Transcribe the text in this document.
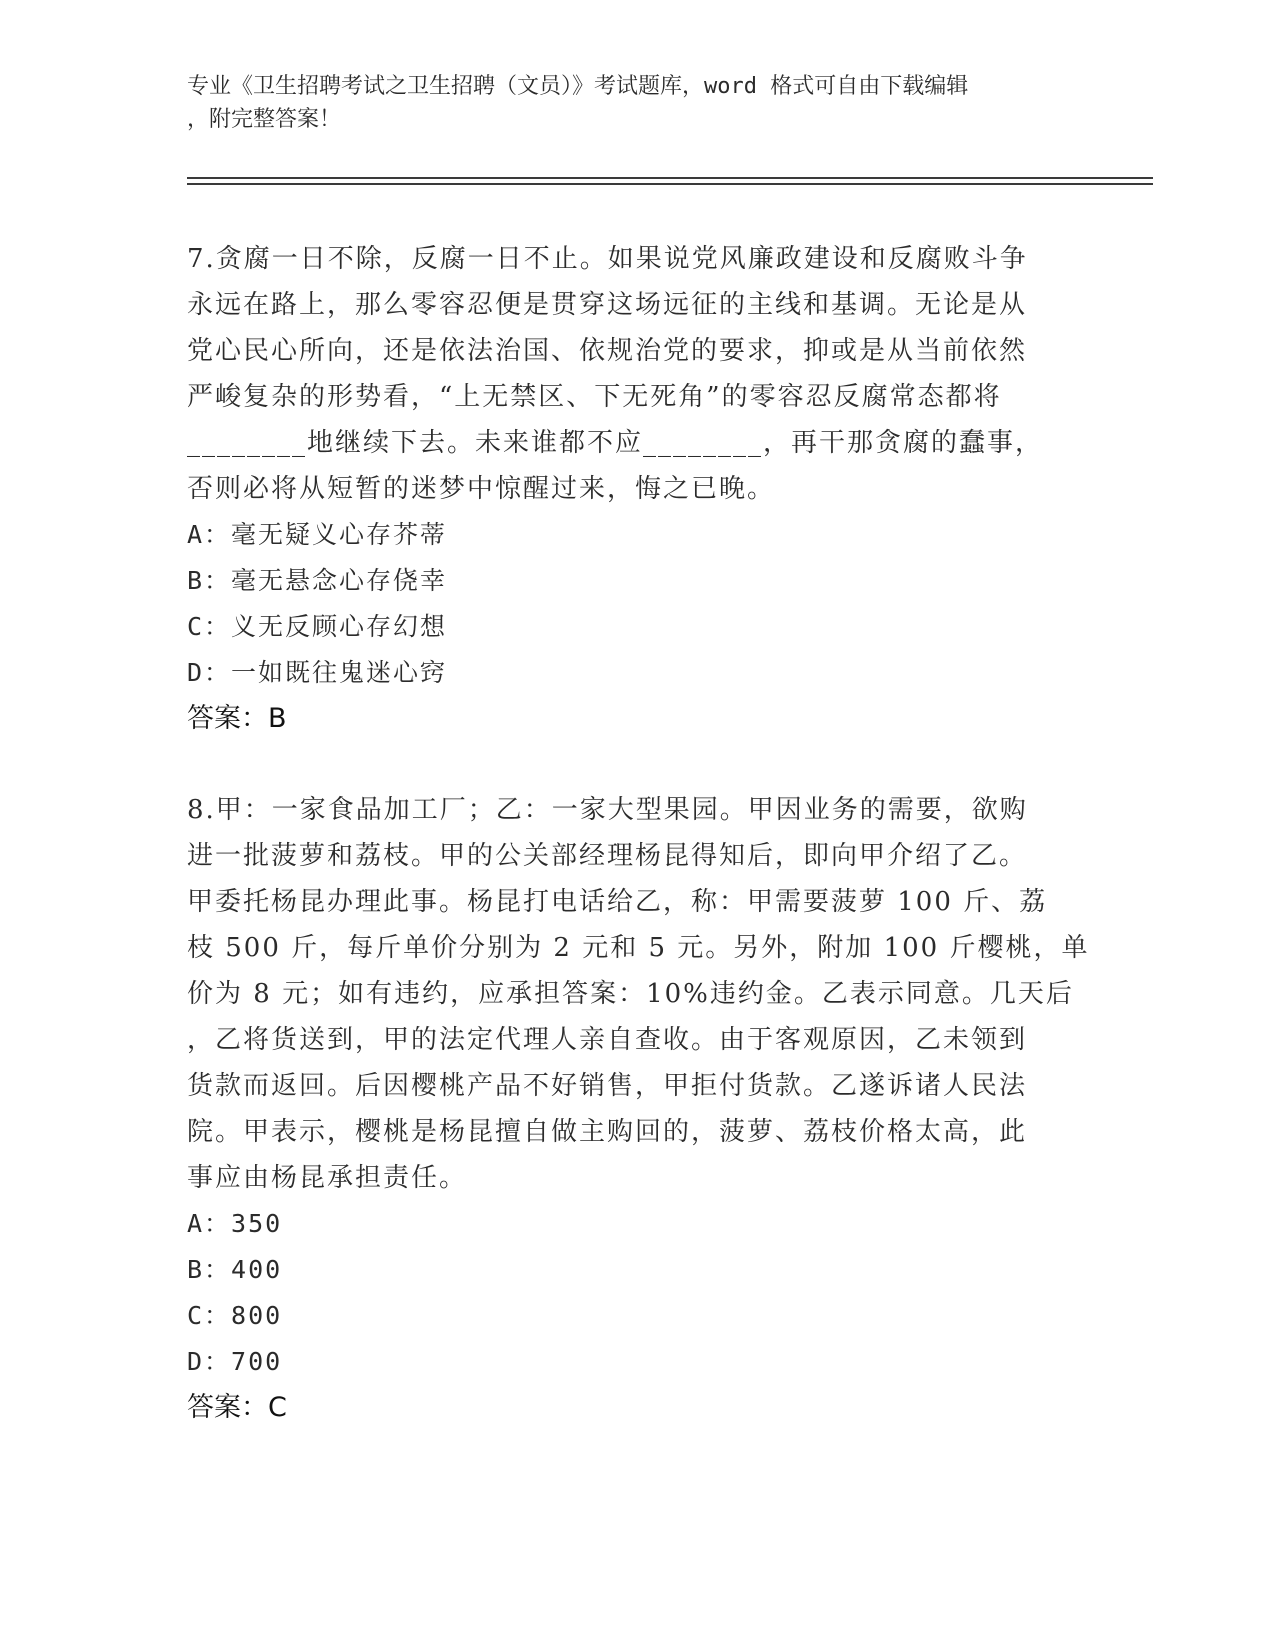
专业《卫生招聘考试之卫生招聘（文员）》考试题库，word 格式可自由下载编辑
，附完整答案！
7.贪腐一日不除，反腐一日不止。如果说党风廉政建设和反腐败斗争
永远在路上，那么零容忍便是贯穿这场远征的主线和基调。无论是从
党心民心所向，还是依法治国、依规治党的要求，抑或是从当前依然
严峻复杂的形势看，“上无禁区、下无死角”的零容忍反腐常态都将
________地继续下去。未来谁都不应________，再干那贪腐的蠢事，
否则必将从短暂的迷梦中惊醒过来，悔之已晚。
A：毫无疑义心存芥蒂
B：毫无悬念心存侥幸
C：义无反顾心存幻想
D：一如既往鬼迷心窍
答案：B
8.甲：一家食品加工厂；乙：一家大型果园。甲因业务的需要，欲购
进一批菠萝和荔枝。甲的公关部经理杨昆得知后，即向甲介绍了乙。
甲委托杨昆办理此事。杨昆打电话给乙，称：甲需要菠萝 100 斤、荔
枝 500 斤，每斤单价分别为 2 元和 5 元。另外，附加 100 斤樱桃，单
价为 8 元；如有违约，应承担答案：10%违约金。乙表示同意。几天后
，乙将货送到，甲的法定代理人亲自查收。由于客观原因，乙未领到
货款而返回。后因樱桃产品不好销售，甲拒付货款。乙遂诉诸人民法
院。甲表示，樱桃是杨昆擅自做主购回的，菠萝、荔枝价格太高，此
事应由杨昆承担责任。
A：350
B：400
C：800
D：700
答案：C
